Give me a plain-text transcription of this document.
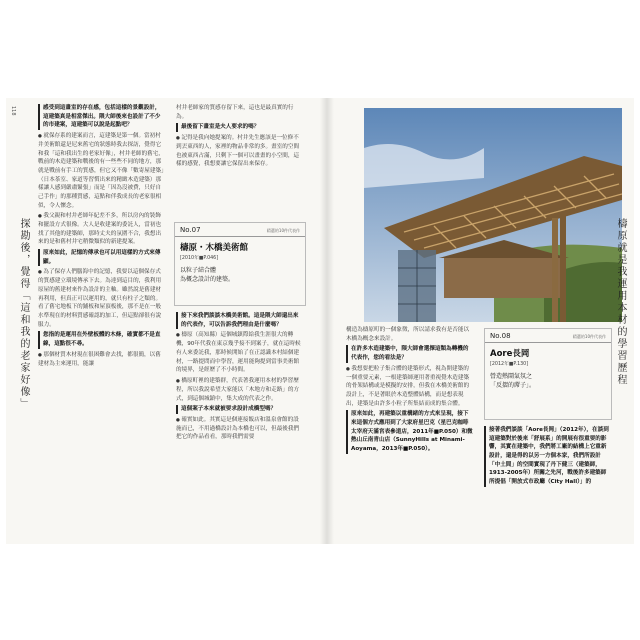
118
探勘後，覺得「這和我的老家好像」

感受到這畫室的存在感，包括這樣的景觀設計，這建築真是相當傑出。隈大師後來也設計了不少的市建案，這建築可以說是起點吧？

● 就保存系的建案而言，這建築是第一個。當初村井美術館還是尼來舊宅的狀態時我去探訪，覺得它和我「這和我出生的老家好像」，村井老師的舊宅，戰前的木造建築和戰後的有一些些不同的地方，那就是戰前有手工的質感，但它又不像「數寄屋建築」（日本茶室、家道等習慣出來的精緻木造建築）那樣讓人感到嚴肅緊張」而是「因為沒被費，只好自己手作」的那種質感，這點和伴我成長的老家很相似，令人懷念。

● 我父親和村井老師年紀差不多，所以房內的裝飾和擺設方式很像。大人是收建案的委託人，當初也找了其他的建築師，那時丈夫的氛圍不合，我想出來的是和舊村井宅稍微類似的新建提案。

原來如此，記憶的傳承也可以用這樣的方式來傳顯。

● 為了保存人們腦海中的記憶，我要以這個保存式的質感建立環境傳承下去。為達到這目的，我利用原屋的舊建材來作為設計的主軸。雖然說是舊建材再利用，但真正可以運用的，就只有柱子之類的。看了舊宅地板下的鋪板和屋頂板後，那不是在一般水準現在的材料質感確認的加工，但這點卻很有說服力。

您指的是運用在外壁板體的木條，確實都不是直線，這點很不尋。

● 那個材質木材現在很困難會去找，都很簡，以舊建材為主來運用，能讓

村井老師家的質感存留下來，這也是最真實的行為。

最後留下畫室是夫人要求的嗎？

● 記得是我向她提案的。村井先生應該是一位修不到丟東西的人，家裡的物品非常的多。畫室的空間也被東西占滿，只剩下一個可以畫畫的小空間，這樣的感覺，我想要讓它保留出來保存。

No.07	精選的10件代表作
檮原・木橋美術館
[2010年■P.046]
以粒子結合體
為概念設計的建築。

接下來我們談談木橋美術館。這是隈大師還出來的代表作，可以告訴我們理由是什麼嗎？

● 檮原（高知縣）這個城鎮際給我生涯很大的轉機，90年代我在東京幾乎接不到案子，就在這時候有人來委託我，那時候開始了在正認識本村結個建材，一路提問而中學習，運用能夠提到當事美術館的境界，是經歷了不小時間。

● 橋原町裡的建築群，代表著我運用本材的學習歷程，所以我說希望大家能以「木地方和走路」的方式，到這個城鎮中，集大成的代表之作。

這個案子本來就被要求設計成橋型嗎？

● 確實如此。其實這是個連接飯店和溫泉會館的設施而已，不用過橋設計為本橋也可以，但最後我們把它的作品看看，那時我們需要

檮原就是我運用本材的學習歷程

構造為檮原町的一個象徵，所以請求我有是否能以木橋為概念來設計。

在許多木造建築中，隈大師會選擇這類為轉機的代表作，您的看法是？

● 我想要把粒子集合體的建築形式，視為開建築的一個重要元素，一根建築師運用著重視覺木造建築的骨架結構或是模擬的安排，但我在木橋美術館的設計上，不是著眼於木造整體結構，而是想表現出，建築是由許多小粒子所集結而成的集合體。

原來如此，再建築以重構緒的方式來呈現，接下來這個方式應用到了大家府星巴克（星巴克咖啡太宰府天滿宮表參道店，2011年■P.050）和微熱山丘南青山店（SunnyHills at Minami-Aoyama，2013年■P.050）。

No.08	精選的10件代表作
Aore長岡
[2012年■P.130]
營造熱鬧氣氛之
「反摺的蓆子」。

接著我們談談「Aore長岡」（2012年），在談到這建築對於後來「舒展系」的開展有很重要的影響，其實在建築中，我們將工廠的結構上它重新設計，還是得的以另一方個本家，我們所設計「中土間」的空間實現了丹下健三（建築師，1913-2005年）所關之先河，戰後許多建築師所提倡「開放式市政廳（City Hall）」的
